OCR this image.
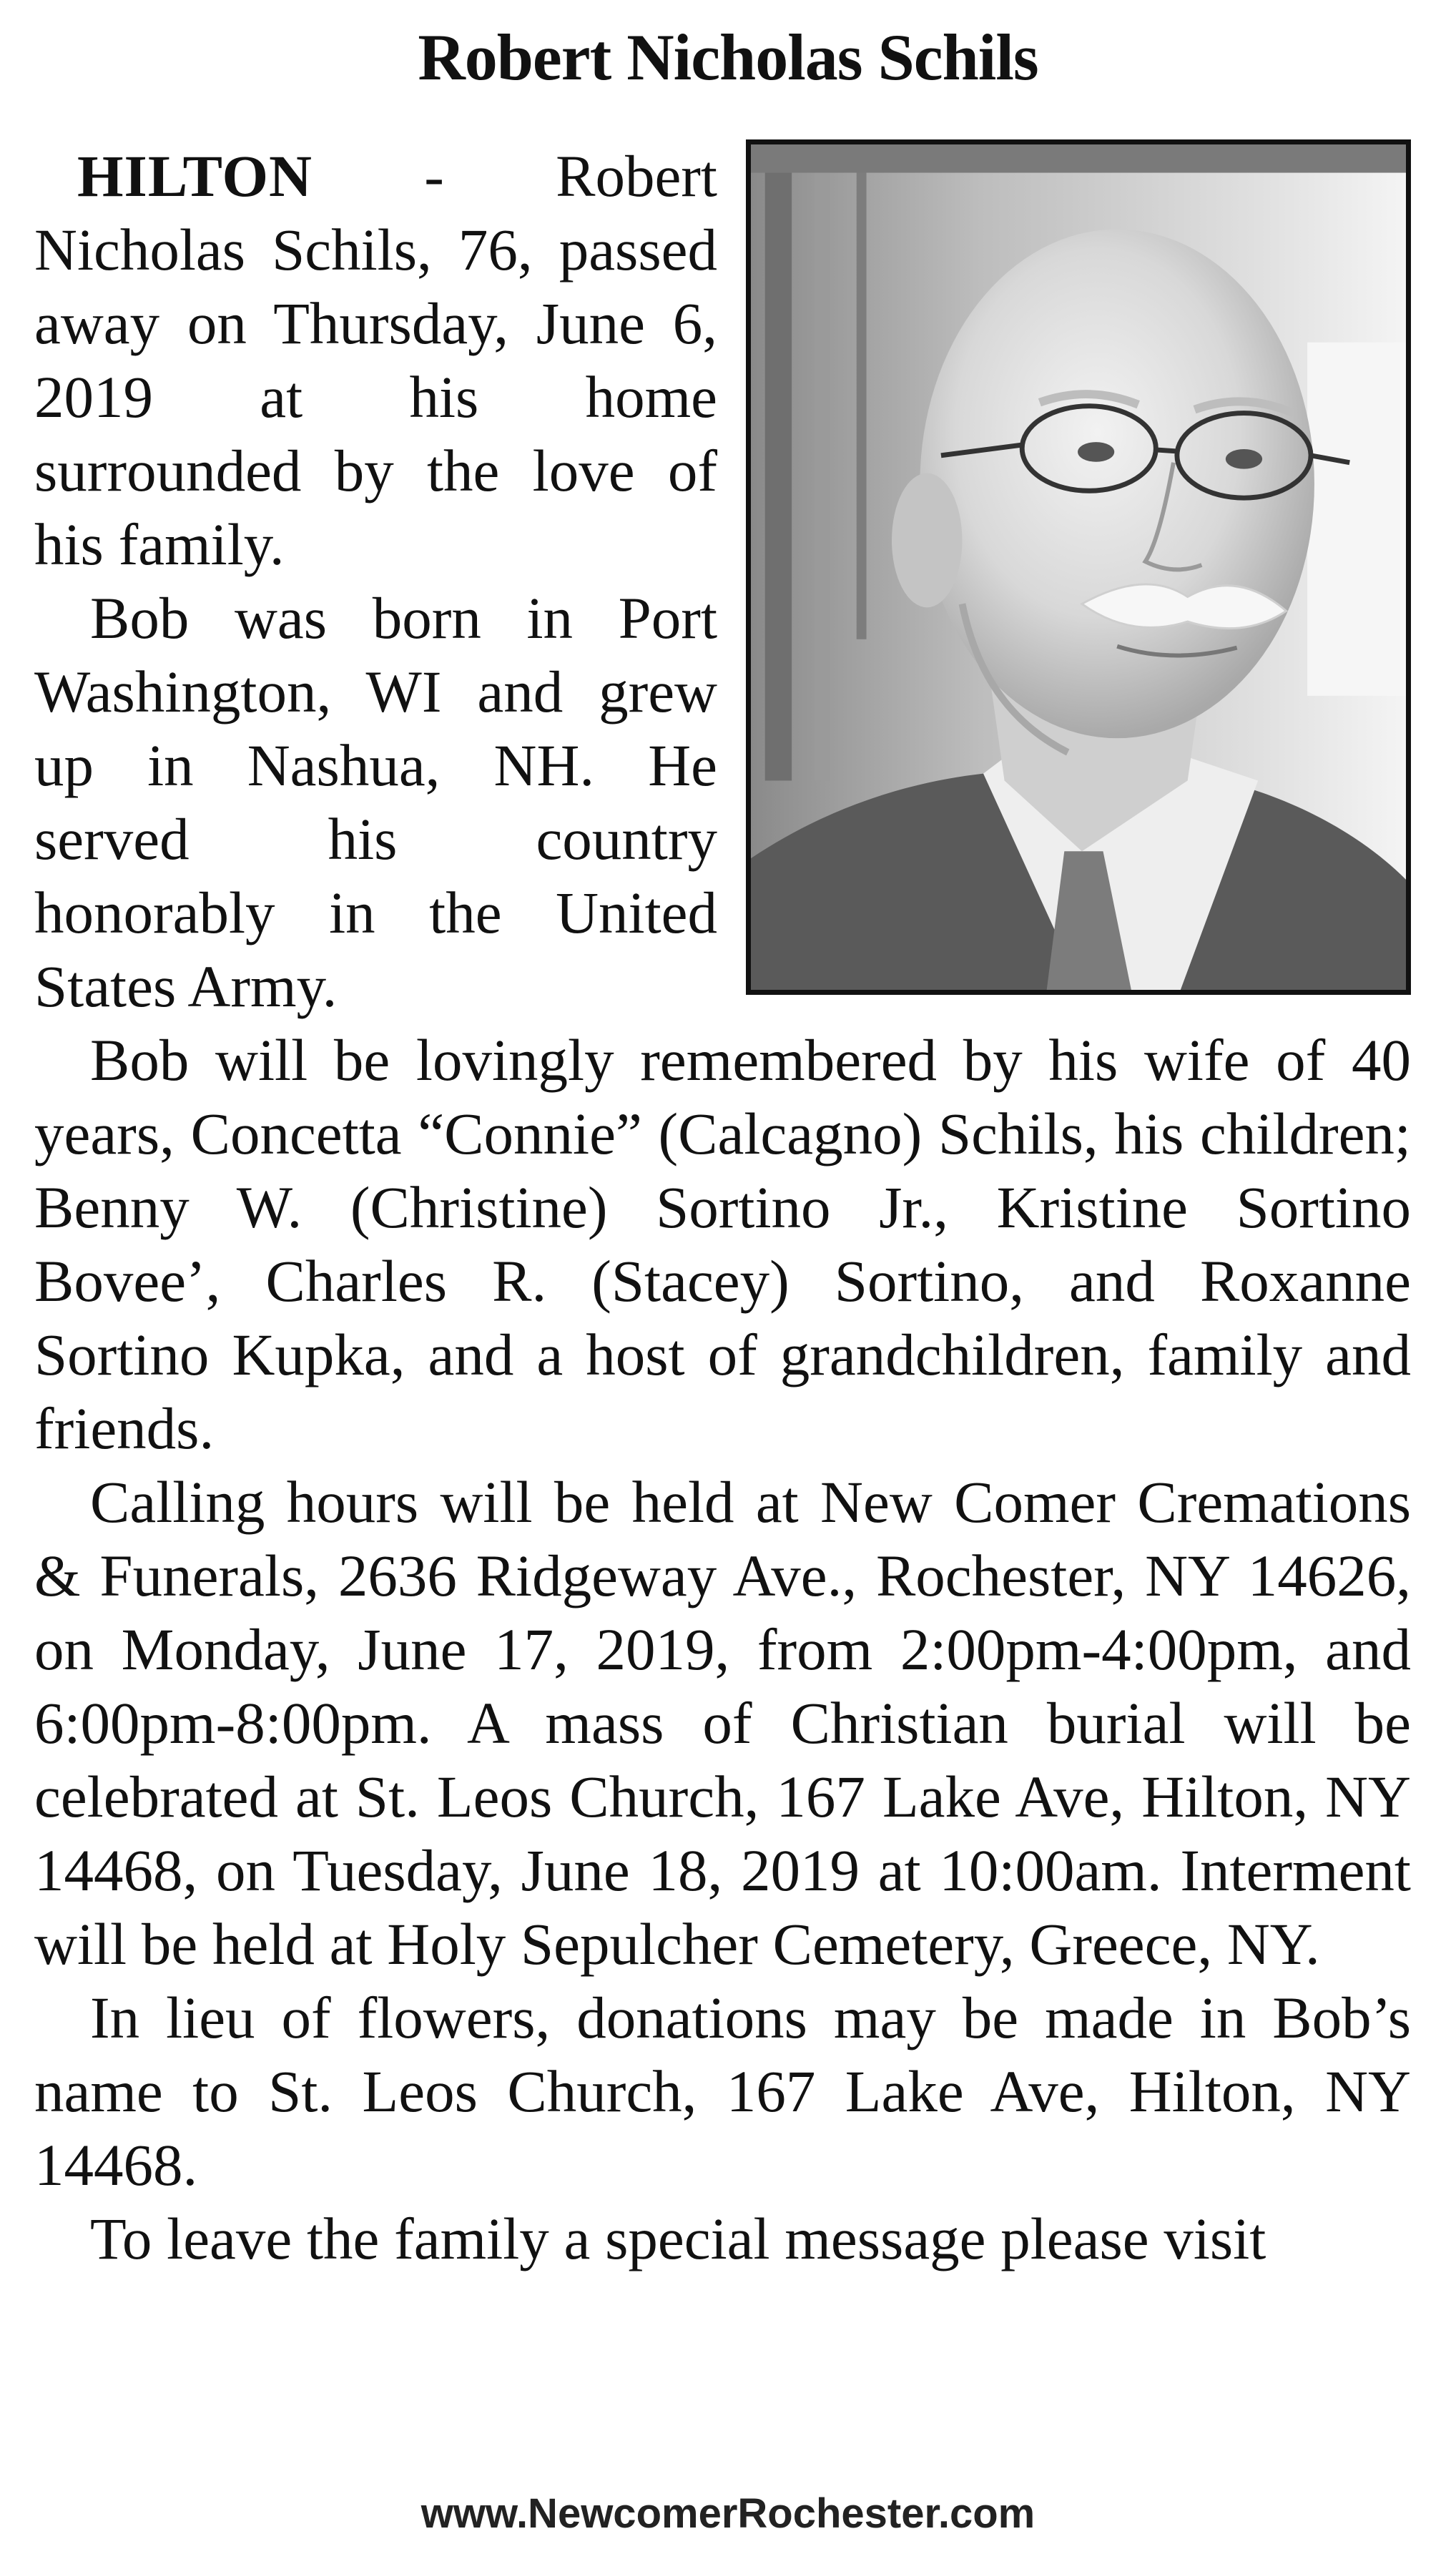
Robert Nicholas Schils

HILTON - Robert Nicholas Schils, 76, passed away on Thursday, June 6, 2019 at his home surrounded by the love of his family.

Bob was born in Port Washington, WI and grew up in Nashua, NH. He served his country honorably in the United States Army.

Bob will be lovingly remembered by his wife of 40 years, Concetta “Connie” (Calcagno) Schils, his children; Benny W. (Christine) Sortino Jr., Kristine Sortino Bovee’, Charles R. (Stacey) Sortino, and Roxanne Sortino Kupka, and a host of grandchildren, family and friends.

Calling hours will be held at New Comer Cremations & Funerals, 2636 Ridgeway Ave., Rochester, NY 14626, on Monday, June 17, 2019, from 2:00pm-4:00pm, and 6:00pm-8:00pm. A mass of Christian burial will be celebrated at St. Leos Church, 167 Lake Ave, Hilton, NY 14468, on Tuesday, June 18, 2019 at 10:00am. Interment will be held at Holy Sepulcher Cemetery, Greece, NY.

In lieu of flowers, donations may be made in Bob’s name to St. Leos Church, 167 Lake Ave, Hilton, NY 14468.

To leave the family a special message please visit

www.NewcomerRochester.com
